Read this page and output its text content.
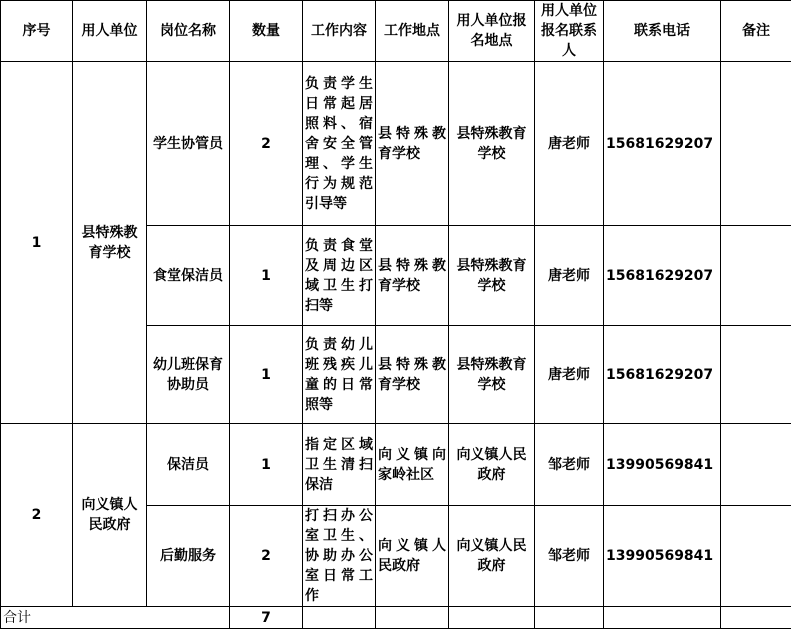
序号	用人单位	岗位名称	数量	工作内容	工作地点	用人单位报名地点	用人单位报名联系人	联系电话	备注
1	县特殊教育学校	学生协管员	2	负责学生日常起居照料、宿舍安全管理、学生行为规范引导等	县特殊教育学校	县特殊教育学校	唐老师	15681629207	
		食堂保洁员	1	负责食堂及周边区域卫生打扫等	县特殊教育学校	县特殊教育学校	唐老师	15681629207	
		幼儿班保育协助员	1	负责幼儿班残疾儿童的日常照等	县特殊教育学校	县特殊教育学校	唐老师	15681629207	
2	向义镇人民政府	保洁员	1	指定区域卫生清扫保洁	向义镇向家岭社区	向义镇人民政府	邹老师	13990569841	
		后勤服务	2	打扫办公室卫生、协助办公室日常工作	向义镇人民政府	向义镇人民政府	邹老师	13990569841	
合计			7						
